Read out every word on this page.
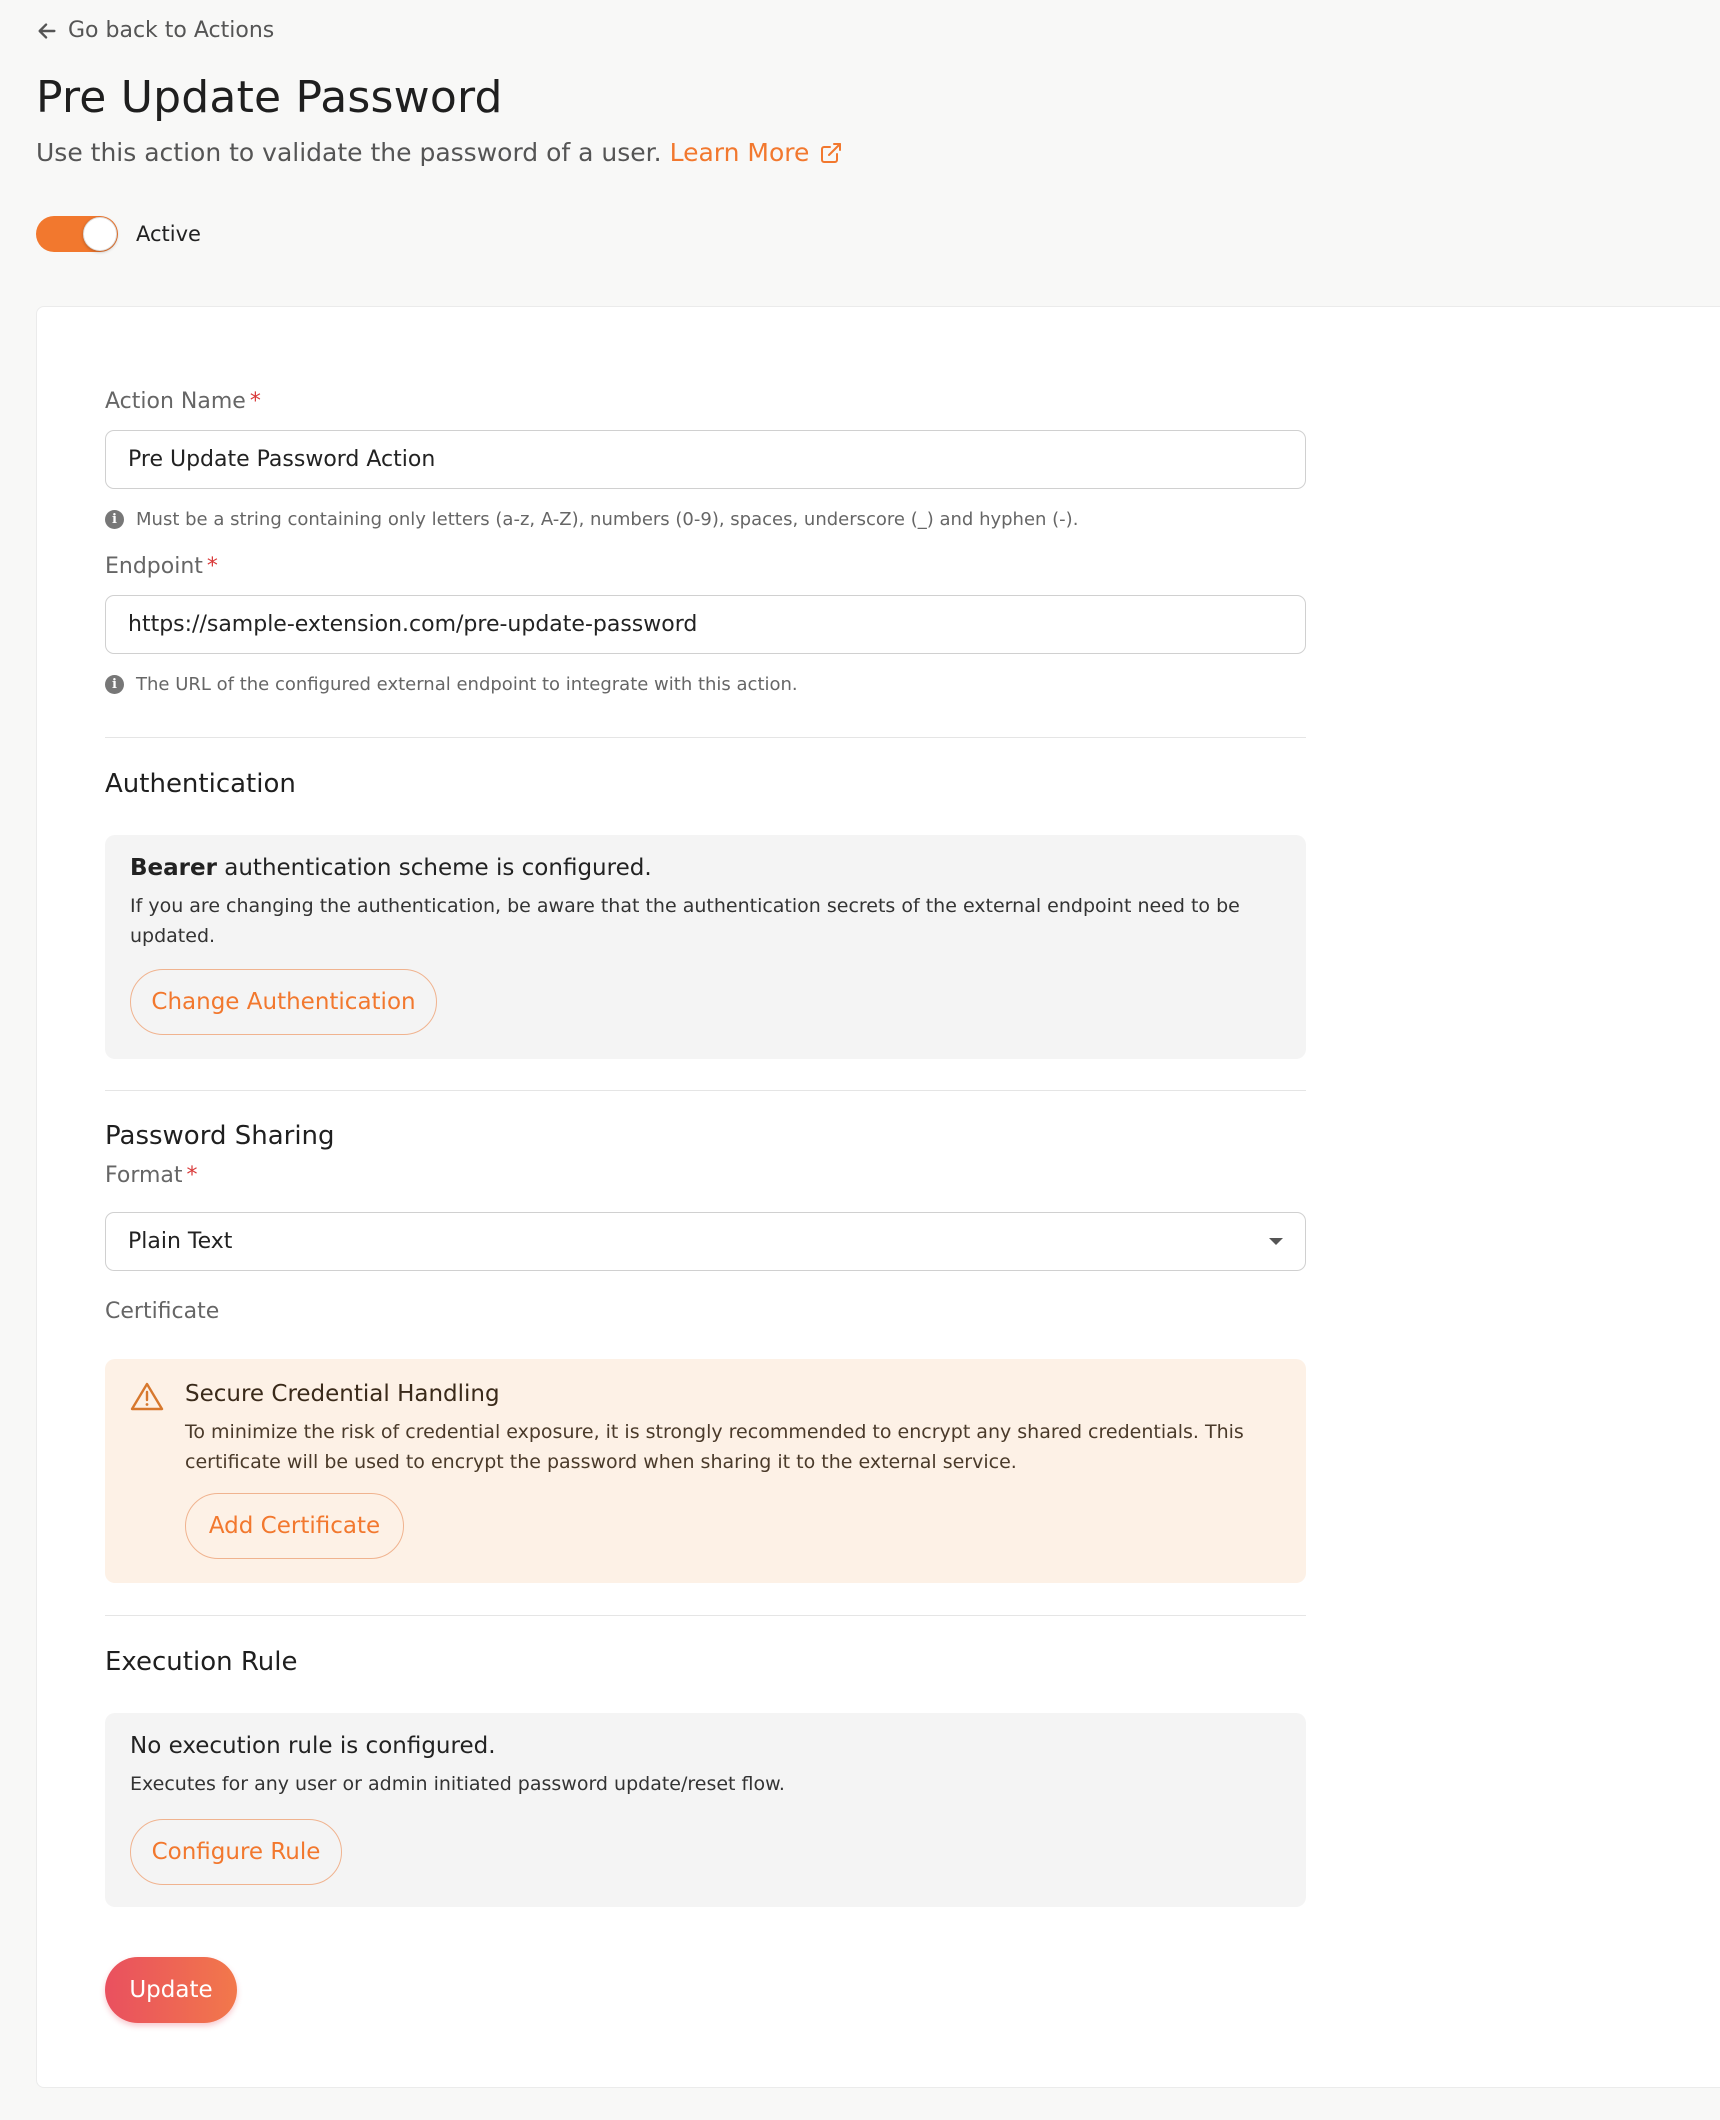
Go back to Actions
Pre Update Password
Use this action to validate the password of a user. Learn More
Active
Action Name *
Pre Update Password Action
i	Must be a string containing only letters (a-z, A-Z), numbers (0-9), spaces, underscore (_) and hyphen (-).
Endpoint *
https://sample-extension.com/pre-update-password
i	The URL of the configured external endpoint to integrate with this action.
Authentication
Bearer authentication scheme is configured.
If you are changing the authentication, be aware that the authentication secrets of the external endpoint need to be updated.
Change Authentication
Password Sharing
Format *
Plain Text
Certificate
Secure Credential Handling
To minimize the risk of credential exposure, it is strongly recommended to encrypt any shared credentials. This certificate will be used to encrypt the password when sharing it to the external service.
Add Certificate
Execution Rule
No execution rule is configured.
Executes for any user or admin initiated password update/reset flow.
Configure Rule
Update
